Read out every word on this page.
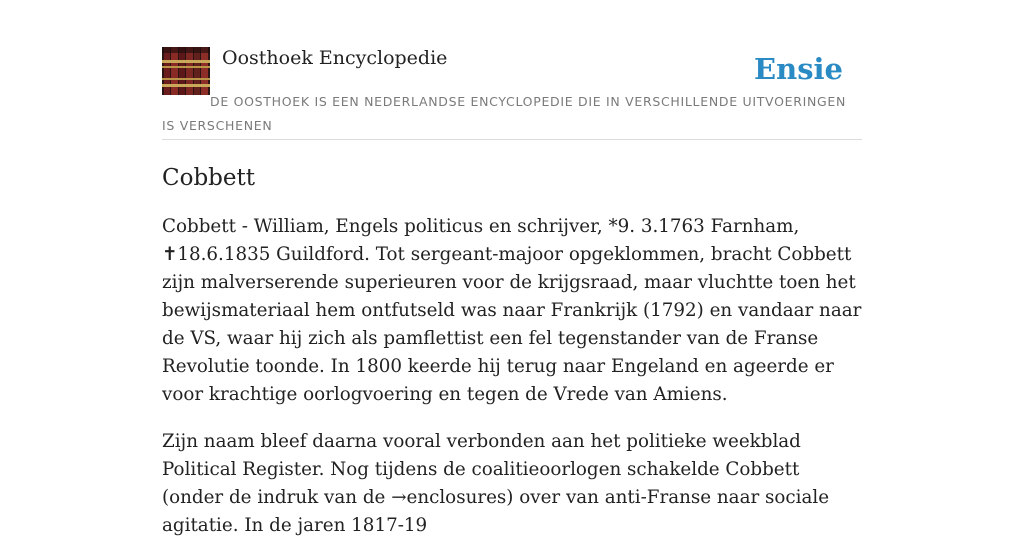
Oosthoek Encyclopedie	Ensie
DE OOSTHOEK IS EEN NEDERLANDSE ENCYCLOPEDIE DIE IN VERSCHILLENDE UITVOERINGEN IS VERSCHENEN
Cobbett

Cobbett - William, Engels politicus en schrijver, *9. 3.1763 Farnham, ✝18.6.1835 Guildford. Tot sergeant-majoor opgeklommen, bracht Cobbett zijn malverserende superieuren voor de krijgsraad, maar vluchtte toen het bewijsmateriaal hem ontfutseld was naar Frankrijk (1792) en vandaar naar de VS, waar hij zich als pamflettist een fel tegenstander van de Franse Revolutie toonde. In 1800 keerde hij terug naar Engeland en ageerde er voor krachtige oorlogvoering en tegen de Vrede van Amiens.

Zijn naam bleef daarna vooral verbonden aan het politieke weekblad Political Register. Nog tijdens de coalitieoorlogen schakelde Cobbett (onder de indruk van de →enclosures) over van anti-Franse naar sociale agitatie. In de jaren 1817-19
